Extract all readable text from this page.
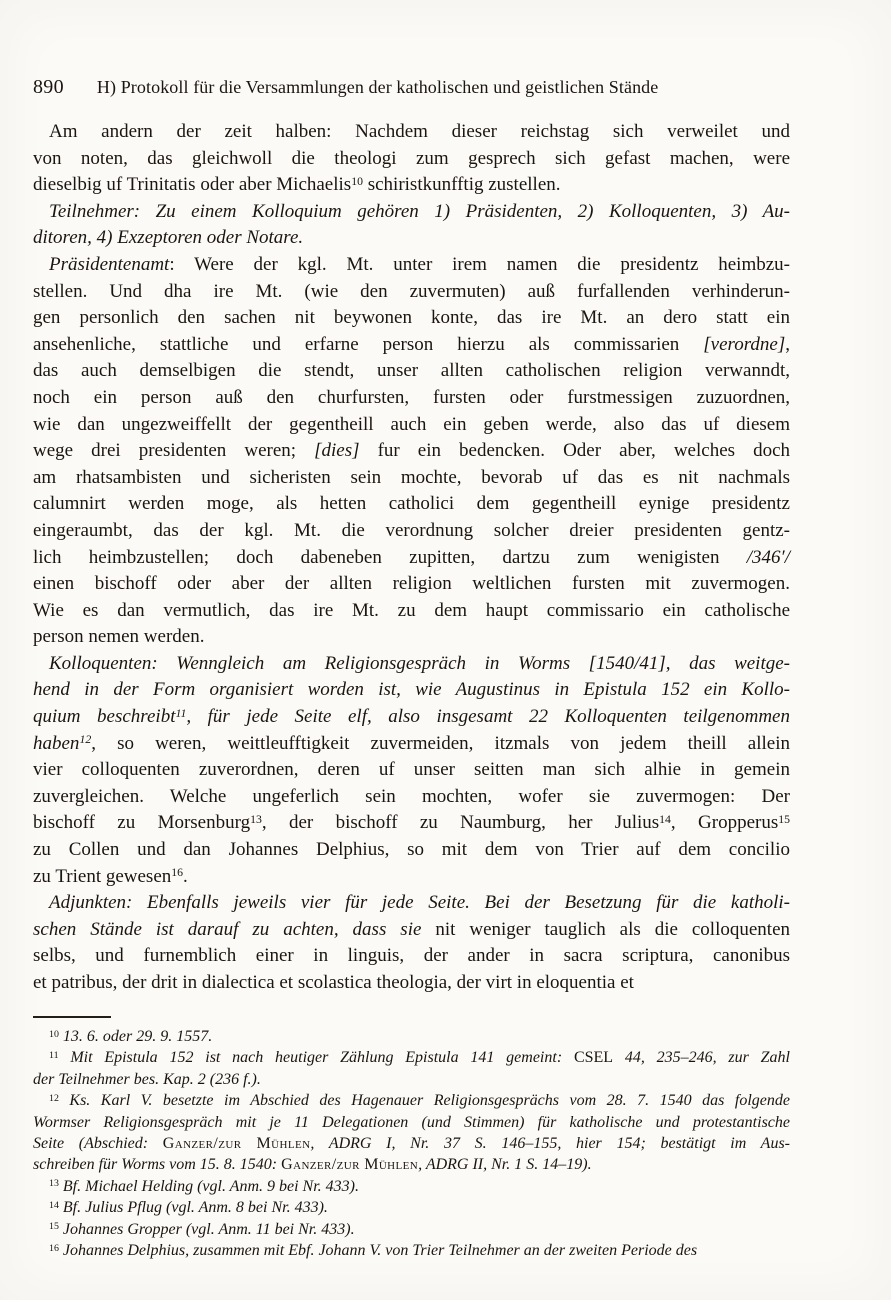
890 H) Protokoll für die Versammlungen der katholischen und geistlichen Stände
Am andern der zeit halben: Nachdem dieser reichstag sich verweilet und
von noten, das gleichwoll die theologi zum gesprech sich gefast machen, were
dieselbig uf Trinitatis oder aber Michaelis$^{10}$ schiristkunfftig zustellen.
Teilnehmer: Zu einem Kolloquium gehören 1) Präsidenten, 2) Kolloquenten, 3) Au-
ditoren, 4) Exzeptoren oder Notare.
Präsidentenamt: Were der kgl. Mt. unter irem namen die presidentz heimbzu-
stellen. Und dha ire Mt. (wie den zuvermuten) auß furfallenden verhinderun-
gen personlich den sachen nit beywonen konte, das ire Mt. an dero statt ein
ansehenliche, stattliche und erfarne person hierzu als commissarien [verordne],
das auch demselbigen die stendt, unser allten catholischen religion verwanndt,
noch ein person auß den churfursten, fursten oder furstmessigen zuzuordnen,
wie dan ungezweiffellt der gegentheill auch ein geben werde, also das uf diesem
wege drei presidenten weren; [dies] fur ein bedencken. Oder aber, welches doch
am rhatsambisten und sicheristen sein mochte, bevorab uf das es nit nachmals
calumnirt werden moge, als hetten catholici dem gegentheill eynige presidentz
eingeraumbt, das der kgl. Mt. die verordnung solcher dreier presidenten gentz-
lich heimbzustellen; doch dabeneben zupitten, dartzu zum wenigisten /346′/
einen bischoff oder aber der allten religion weltlichen fursten mit zuvermogen.
Wie es dan vermutlich, das ire Mt. zu dem haupt commissario ein catholische
person nemen werden.
Kolloquenten: Wenngleich am Religionsgespräch in Worms [1540/41], das weitge-
hend in der Form organisiert worden ist, wie Augustinus in Epistula 152 ein Kollo-
quium beschreibt$^{11}$, für jede Seite elf, also insgesamt 22 Kolloquenten teilgenommen
haben$^{12}$, so weren, weittleufftigkeit zuvermeiden, itzmals von jedem theill allein
vier colloquenten zuverordnen, deren uf unser seitten man sich alhie in gemein
zuvergleichen. Welche ungeferlich sein mochten, wofer sie zuvermogen: Der
bischoff zu Morsenburg$^{13}$, der bischoff zu Naumburg, her Julius$^{14}$, Gropperus$^{15}$
zu Collen und dan Johannes Delphius, so mit dem von Trier auf dem concilio
zu Trient gewesen$^{16}$.
Adjunkten: Ebenfalls jeweils vier für jede Seite. Bei der Besetzung für die katholi-
schen Stände ist darauf zu achten, dass sie nit weniger tauglich als die colloquenten
selbs, und furnemblich einer in linguis, der ander in sacra scriptura, canonibus
et patribus, der drit in dialectica et scolastica theologia, der virt in eloquentia et
$^{10}$ 13. 6. oder 29. 9. 1557.
$^{11}$ Mit Epistula 152 ist nach heutiger Zählung Epistula 141 gemeint: CSEL 44, 235–246, zur Zahl
der Teilnehmer bes. Kap. 2 (236 f.).
$^{12}$ Ks. Karl V. besetzte im Abschied des Hagenauer Religionsgesprächs vom 28. 7. 1540 das folgende
Wormser Religionsgespräch mit je 11 Delegationen (und Stimmen) für katholische und protestantische
Seite (Abschied: Ganzer/zur Mühlen, ADRG I, Nr. 37 S. 146–155, hier 154; bestätigt im Aus-
schreiben für Worms vom 15. 8. 1540: Ganzer/zur Mühlen, ADRG II, Nr. 1 S. 14–19).
$^{13}$ Bf. Michael Helding (vgl. Anm. 9 bei Nr. 433).
$^{14}$ Bf. Julius Pflug (vgl. Anm. 8 bei Nr. 433).
$^{15}$ Johannes Gropper (vgl. Anm. 11 bei Nr. 433).
$^{16}$ Johannes Delphius, zusammen mit Ebf. Johann V. von Trier Teilnehmer an der zweiten Periode des
